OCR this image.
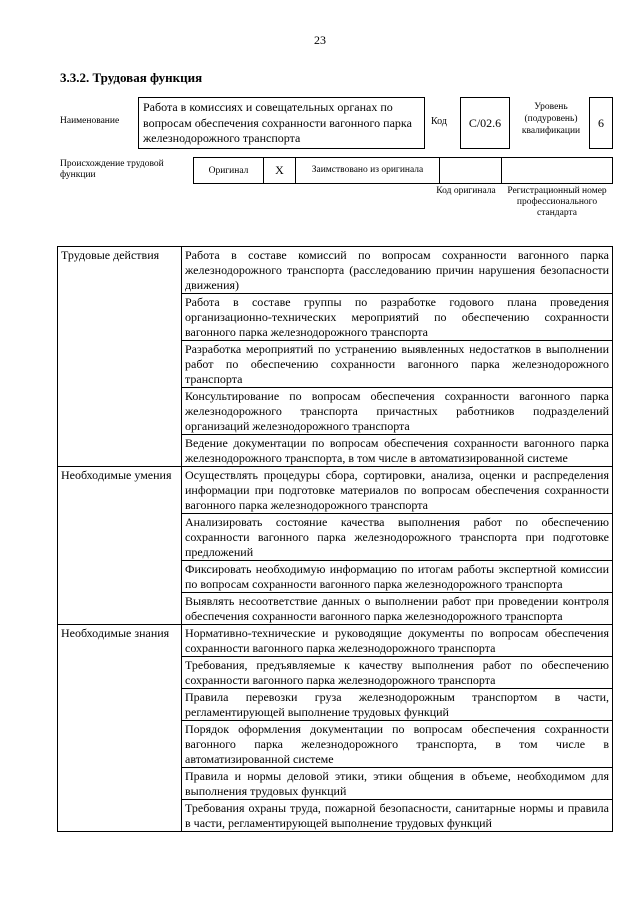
23
3.3.2. Трудовая функция
Наименование
Работа в комиссиях и совещательных органах по вопросам обеспечения сохранности вагонного парка железнодорожного транспорта
Код	C/02.6
Уровень (подуровень) квалификации
6
Происхождение трудовой функции	Оригинал	X	Заимствовано из оригинала
Код оригинала	Регистрационный номер профессионального стандарта
Трудовые действия	Работа в составе комиссий по вопросам сохранности вагонного парка железнодорожного транспорта (расследованию причин нарушения безопасности движения)
	Работа в составе группы по разработке годового плана проведения организационно-технических мероприятий по обеспечению сохранности вагонного парка железнодорожного транспорта
	Разработка мероприятий по устранению выявленных недостатков в выполнении работ по обеспечению сохранности вагонного парка железнодорожного транспорта
	Консультирование по вопросам обеспечения сохранности вагонного парка железнодорожного транспорта причастных работников подразделений организаций железнодорожного транспорта
	Ведение документации по вопросам обеспечения сохранности вагонного парка железнодорожного транспорта, в том числе в автоматизированной системе
Необходимые умения	Осуществлять процедуры сбора, сортировки, анализа, оценки и распределения информации при подготовке материалов по вопросам обеспечения сохранности вагонного парка железнодорожного транспорта
	Анализировать состояние качества выполнения работ по обеспечению сохранности вагонного парка железнодорожного транспорта при подготовке предложений
	Фиксировать необходимую информацию по итогам работы экспертной комиссии по вопросам сохранности вагонного парка железнодорожного транспорта
	Выявлять несоответствие данных о выполнении работ при проведении контроля обеспечения сохранности вагонного парка железнодорожного транспорта
Необходимые знания	Нормативно-технические и руководящие документы по вопросам обеспечения сохранности вагонного парка железнодорожного транспорта
	Требования, предъявляемые к качеству выполнения работ по обеспечению сохранности вагонного парка железнодорожного транспорта
	Правила перевозки груза железнодорожным транспортом в части, регламентирующей выполнение трудовых функций
	Порядок оформления документации по вопросам обеспечения сохранности вагонного парка железнодорожного транспорта, в том числе в автоматизированной системе
	Правила и нормы деловой этики, этики общения в объеме, необходимом для выполнения трудовых функций
	Требования охраны труда, пожарной безопасности, санитарные нормы и правила в части, регламентирующей выполнение трудовых функций
